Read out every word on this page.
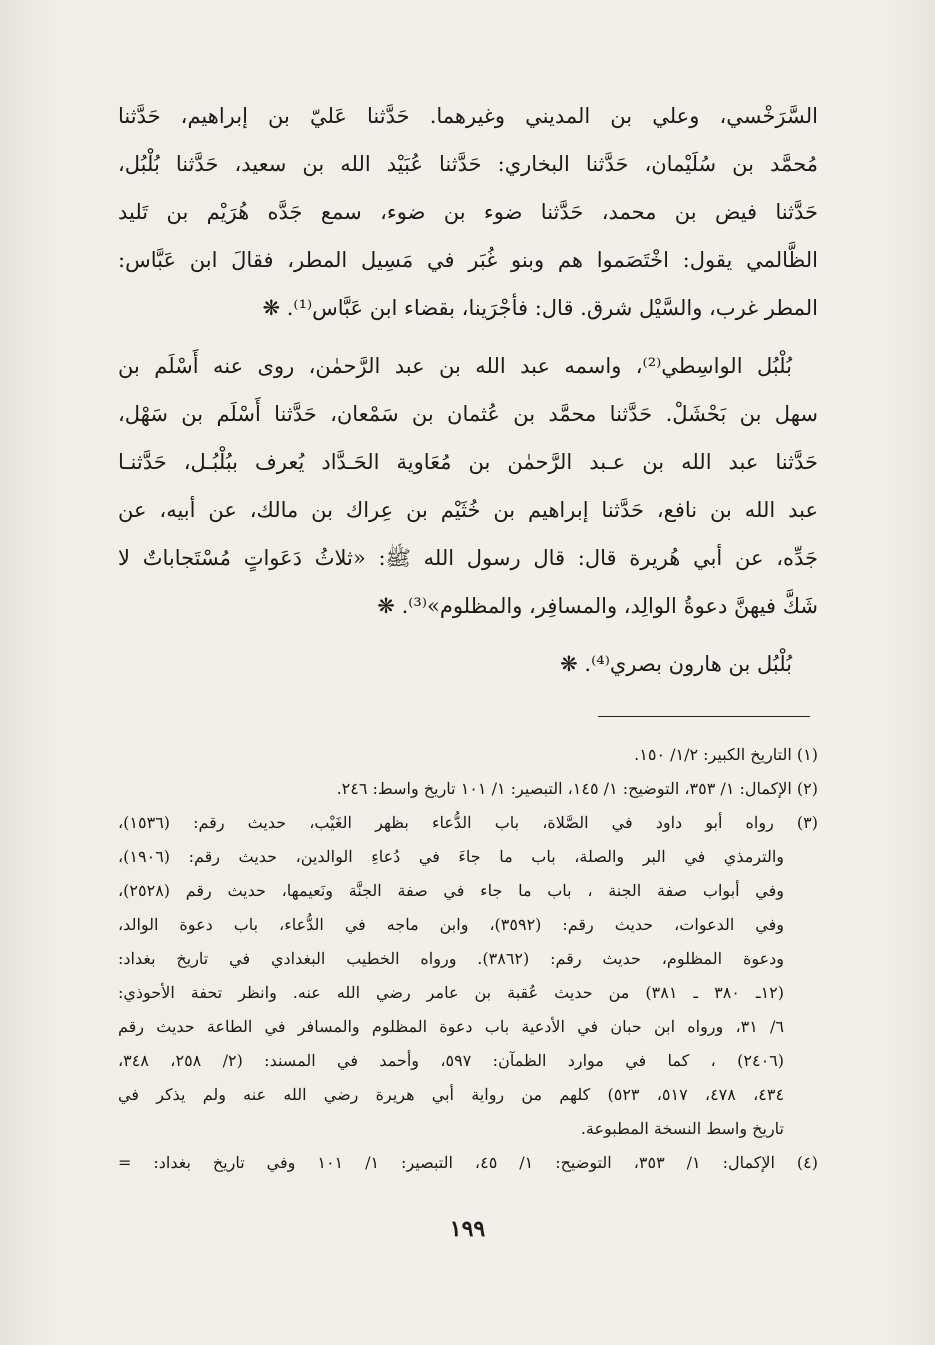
السَّرَخْسي، وعلي بن المديني وغيرهما. حَدَّثنا عَليّ بن إبراهيم، حَدَّثنا
مُحمَّد بن سُلَيْمان، حَدَّثنا البخاري: حَدَّثنا عُبَيْد الله بن سعيد، حَدَّثنا بُلْبُل،
حَدَّثنا فيض بن محمد، حَدَّثنا ضوء بن ضوء، سمع جَدَّه هُرَيْم بن تَليد
الظَّالمي يقول: اخْتَصَموا هم وبنو غُبَر في مَسِيل المطر، فقالَ ابن عَبَّاس:
المطر غرب، والسَّيْل شرق. قال: فأجْرَينا، بقضاء ابن عَبَّاس⁽¹⁾. ❋
بُلْبُل الواسِطي⁽²⁾، واسمه عبد الله بن عبد الرَّحمٰن، روى عنه أَسْلَم بن
سهل بن بَحْشَلْ. حَدَّثنا محمَّد بن عُثمان بن سَمْعان، حَدَّثنا أَسْلَم بن سَهْل،
حَدَّثنا عبد الله بن عـبد الرَّحمٰن بن مُعَاوية الحَـدَّاد يُعرف ببُلْبُـل، حَدَّثنـا
عبد الله بن نافع، حَدَّثنا إبراهيم بن خُثَيْم بن عِراك بن مالك، عن أبيه، عن
جَدِّه، عن أبي هُريرة قال: قال رسول الله ﷺ: «ثلاثُ دَعَواتٍ مُسْتَجاباتٌ لا
شَكَّ فيهنَّ دعوةُ الوالِد، والمسافِر، والمظلوم»⁽³⁾. ❋
بُلْبُل بن هارون بصري⁽⁴⁾. ❋
(١) التاريخ الكبير: ١/٢/ ١٥٠.
(٢) الإكمال: ١/ ٣٥٣، التوضيح: ١/ ١٤٥، التبصير: ١/ ١٠١ تاريخ واسط: ٢٤٦.
(٣) رواه أبو داود في الصَّلاة، باب الدُّعاء بظهر الغَيْب، حديث رقم: (١٥٣٦)،
والترمذي في البر والصلة، باب ما جاءَ في دُعاءِ الوالدين، حديث رقم: (١٩٠٦)،
وفي أبواب صفة الجنة ، باب ما جاء في صفة الجنَّة ونَعيمها، حديث رقم (٢٥٢٨)،
وفي الدعوات، حديث رقم: (٣٥٩٢)، وابن ماجه في الدُّعاء، باب دعوة الوالد،
ودعوة المظلوم، حديث رقم: (٣٨٦٢). ورواه الخطيب البغدادي في تاريخ بغداد:
(١٢ـ ٣٨٠ ـ ٣٨١) من حديث عُقبة بن عامر رضي الله عنه. وانظر تحفة الأحوذي:
٦/ ٣١، ورواه ابن حبان في الأدعية باب دعوة المظلوم والمسافر في الطاعة حديث رقم
(٢٤٠٦) ، كما في موارد الظمآن: ٥٩٧، وأحمد في المسند: (٢/ ٢٥٨، ٣٤٨،
٤٣٤، ٤٧٨، ٥١٧، ٥٢٣) كلهم من رواية أبي هريرة رضي الله عنه ولم يذكر في
تاريخ واسط النسخة المطبوعة.
(٤) الإكمال: ١/ ٣٥٣، التوضيح: ١/ ٤٥، التبصير: ١/ ١٠١ وفي تاريخ بغداد: =
١٩٩
